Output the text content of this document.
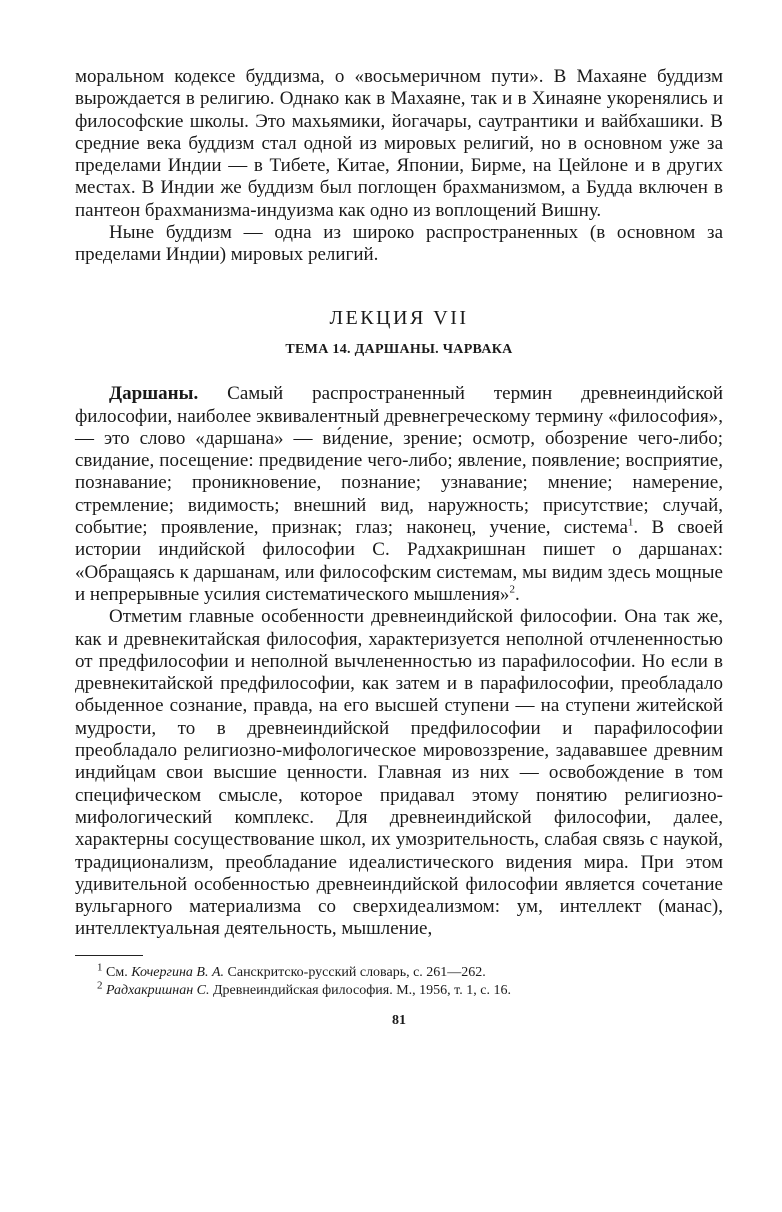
моральном кодексе буддизма, о «восьмеричном пути». В Махаяне буддизм вырождается в религию. Однако как в Махаяне, так и в Хинаяне укоренялись и философские школы. Это махьямики, йогачары, саутрантики и вайбхашики. В средние века буддизм стал одной из мировых религий, но в основном уже за пределами Индии — в Тибете, Китае, Японии, Бирме, на Цейлоне и в других местах. В Индии же буддизм был поглощен брахманизмом, а Будда включен в пантеон брахманизма-индуизма как одно из воплощений Вишну.

Ныне буддизм — одна из широко распространенных (в основном за пределами Индии) мировых религий.

ЛЕКЦИЯ VII
ТЕМА 14. ДАРШАНЫ. ЧАРВАКА

Даршаны. Самый распространенный термин древнеиндийской философии, наиболее эквивалентный древнегреческому термину «философия»,— это слово «даршана» — ви́дение, зрение; осмотр, обозрение чего-либо; свидание, посещение: предвидение чего-либо; явление, появление; восприятие, познавание; проникновение, познание; узнавание; мнение; намерение, стремление; видимость; внешний вид, наружность; присутствие; случай, событие; проявление, признак; глаз; наконец, учение, система$^1$. В своей истории индийской философии С. Радхакришнан пишет о даршанах: «Обращаясь к даршанам, или философским системам, мы видим здесь мощные и непрерывные усилия систематического мышления»$^2$.

Отметим главные особенности древнеиндийской философии. Она так же, как и древнекитайская философия, характеризуется неполной отчлененностью от предфилософии и неполной вычлененностью из парафилософии. Но если в древнекитайской предфилософии, как затем и в парафилософии, преобладало обыденное сознание, правда, на его высшей ступени — на ступени житейской мудрости, то в древнеиндийской предфилософии и парафилософии преобладало религиозно-мифологическое мировоззрение, задававшее древним индийцам свои высшие ценности. Главная из них — освобождение в том специфическом смысле, которое придавал этому понятию религиозно-мифологический комплекс. Для древнеиндийской философии, далее, характерны сосуществование школ, их умозрительность, слабая связь с наукой, традиционализм, преобладание идеалистического видения мира. При этом удивительной особенностью древнеиндийской философии является сочетание вульгарного материализма со сверхидеализмом: ум, интеллект (манас), интеллектуальная деятельность, мышление,

$^1$ См. Кочергина В. А. Санскритско-русский словарь, с. 261—262.

$^2$ Радхакришнан С. Древнеиндийская философия. М., 1956, т. 1, с. 16.

81
